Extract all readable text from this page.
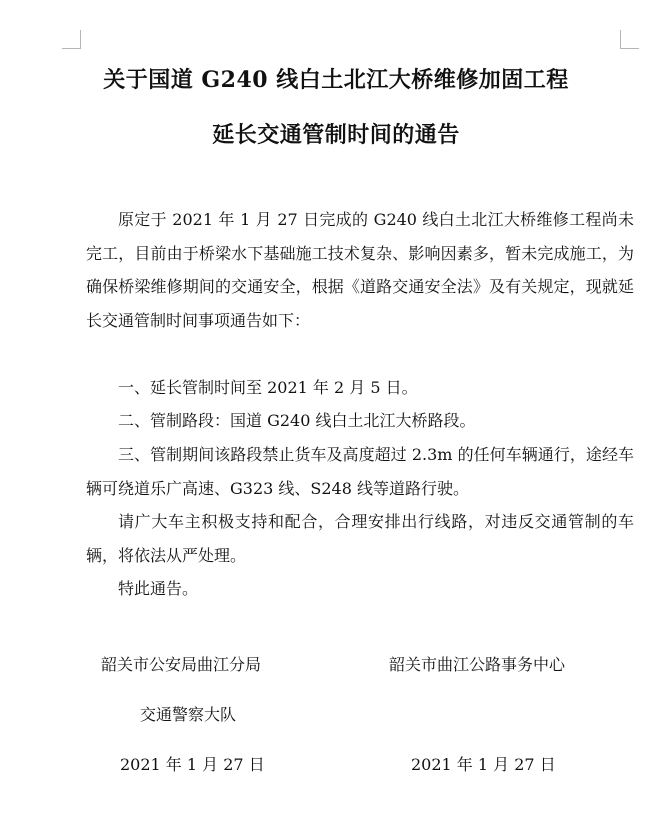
关于国道 G240 线白土北江大桥维修加固工程
延长交通管制时间的通告

原定于 2021 年 1 月 27 日完成的 G240 线白土北江大桥维修工程尚未完工，目前由于桥梁水下基础施工技术复杂、影响因素多，暂未完成施工，为确保桥梁维修期间的交通安全，根据《道路交通安全法》及有关规定，现就延长交通管制时间事项通告如下：

一、延长管制时间至 2021 年 2 月 5 日。

二、管制路段：国道 G240 线白土北江大桥路段。

三、管制期间该路段禁止货车及高度超过 2.3m 的任何车辆通行，途经车辆可绕道乐广高速、G323 线、S248 线等道路行驶。

请广大车主积极支持和配合，合理安排出行线路，对违反交通管制的车辆，将依法从严处理。

特此通告。

韶关市公安局曲江分局	韶关市曲江公路事务中心
交通警察大队
2021 年 1 月 27 日	2021 年 1 月 27 日
